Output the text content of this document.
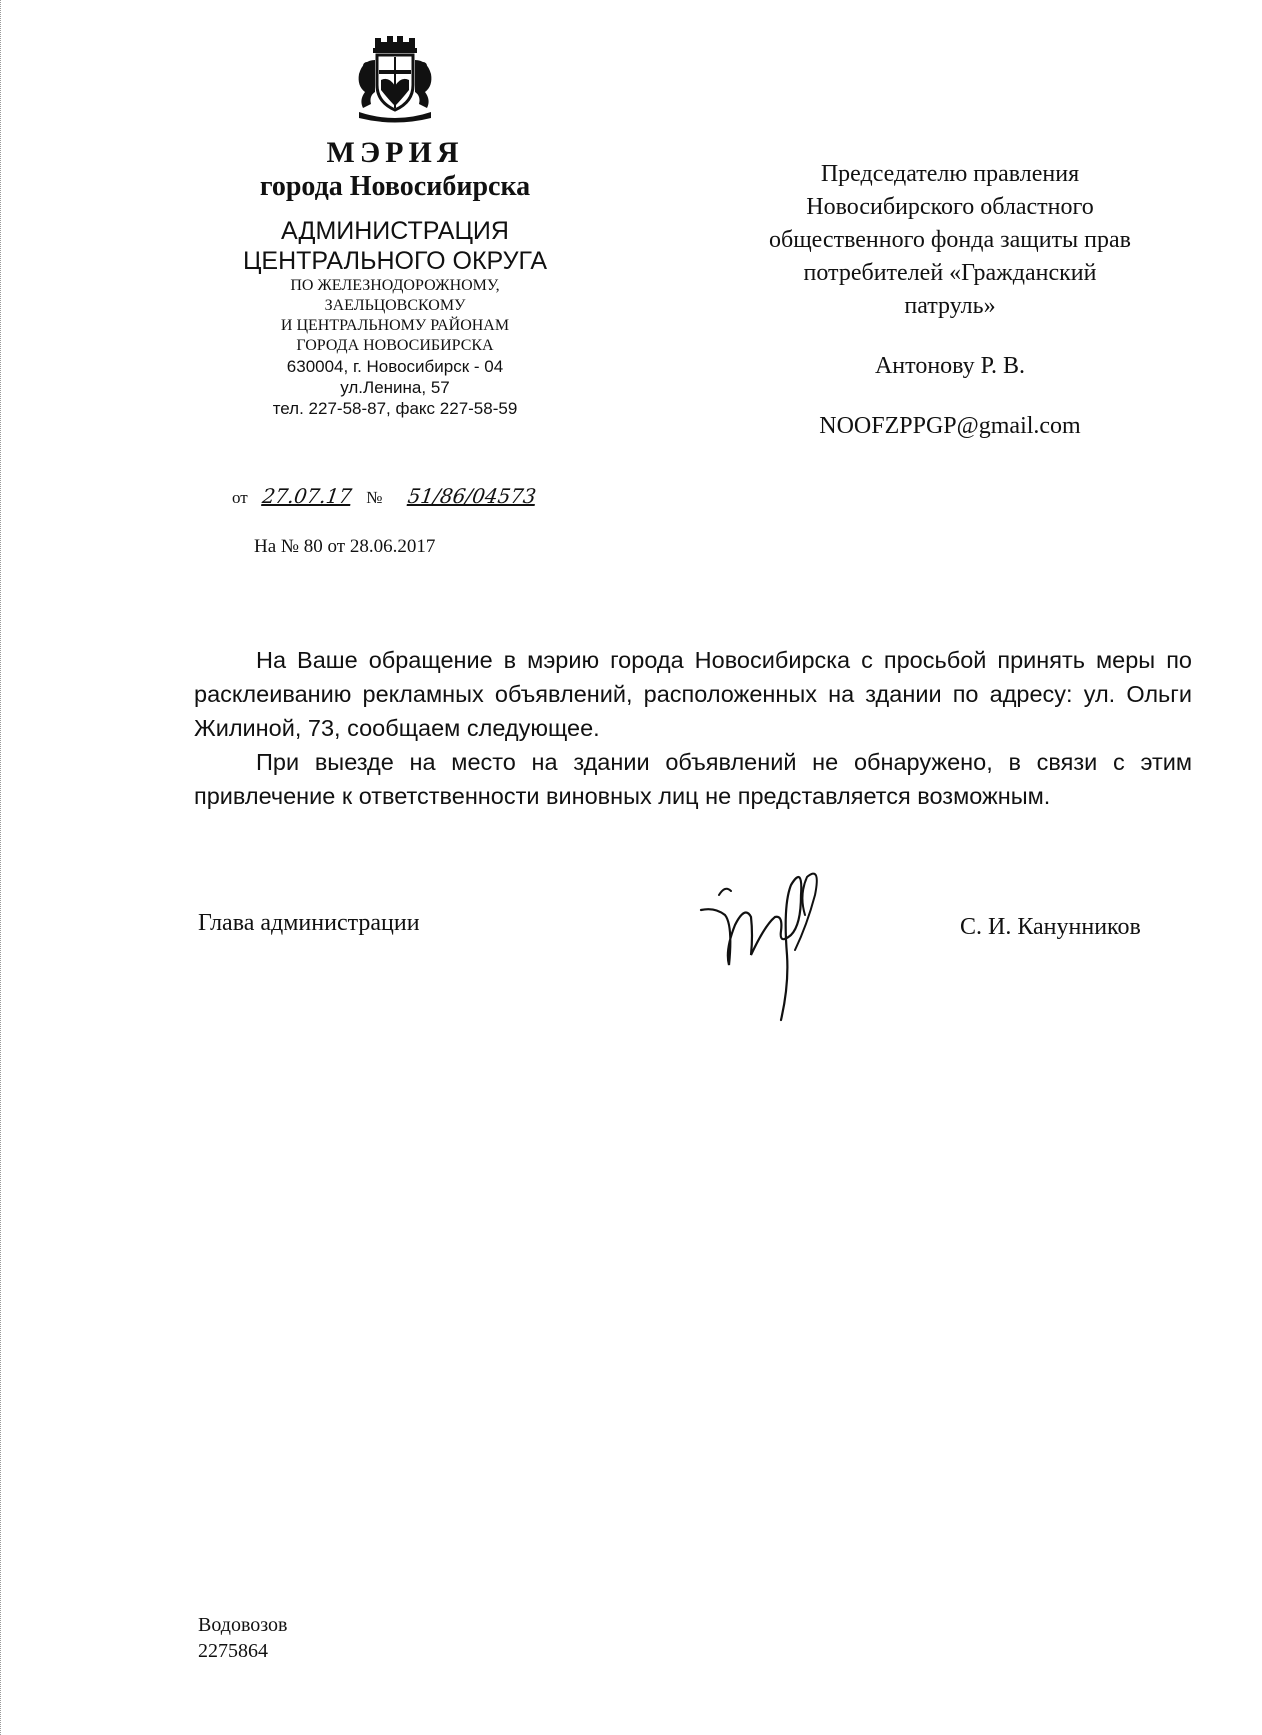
МЭРИЯ
города Новосибирска
АДМИНИСТРАЦИЯ
ЦЕНТРАЛЬНОГО ОКРУГА
ПО ЖЕЛЕЗНОДОРОЖНОМУ,
ЗАЕЛЬЦОВСКОМУ
И ЦЕНТРАЛЬНОМУ РАЙОНАМ
ГОРОДА НОВОСИБИРСКА
630004, г. Новосибирск - 04
ул.Ленина, 57
тел. 227-58-87, факс 227-58-59
от 27.07.17 № 51/86/04573
На № 80 от 28.06.2017
Председателю правления
Новосибирского областного
общественного фонда защиты прав
потребителей «Гражданский
патруль»
Антонову Р. В.
NOOFZPPGP@gmail.com

На Ваше обращение в мэрию города Новосибирска с просьбой принять меры по расклеиванию рекламных объявлений, расположенных на здании по адресу: ул. Ольги Жилиной, 73, сообщаем следующее.

При выезде на место на здании объявлений не обнаружено, в связи с этим привлечение к ответственности виновных лиц не представляется возможным.

Глава администрации	С. И. Канунников
Водовозов
2275864
